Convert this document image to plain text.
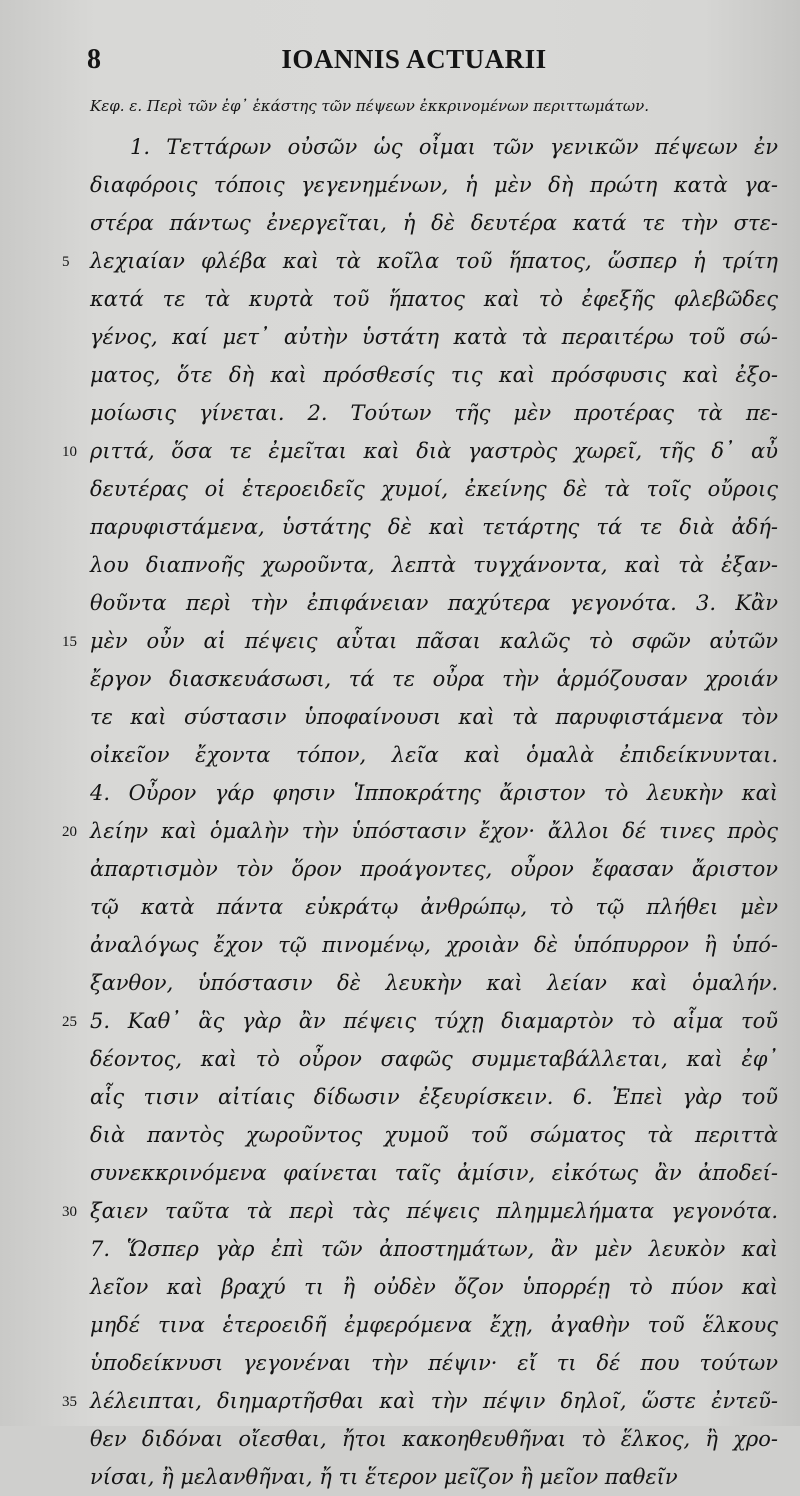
8	IOANNIS ACTUARII
Κεφ. ε. Περὶ τῶν ἐφ᾽ ἑκάστης τῶν πέψεων ἐκκρινομένων περιττωμάτων.
1. Τεττάρων οὐσῶν ὡς οἶμαι τῶν γενικῶν πέψεων ἐν
διαφόροις τόποις γεγενημένων, ἡ μὲν δὴ πρώτη κατὰ γα-
στέρα πάντως ἐνεργεῖται, ἡ δὲ δευτέρα κατά τε τὴν στε-
5 λεχιαίαν φλέβα καὶ τὰ κοῖλα τοῦ ἥπατος, ὥσπερ ἡ τρίτη
κατά τε τὰ κυρτὰ τοῦ ἥπατος καὶ τὸ ἐφεξῆς φλεβῶδες
γένος, καί μετ᾽ αὐτὴν ὑστάτη κατὰ τὰ περαιτέρω τοῦ σώ-
ματος, ὅτε δὴ καὶ πρόσθεσίς τις καὶ πρόσφυσις καὶ ἐξο-
μοίωσις γίνεται. 2. Τούτων τῆς μὲν προτέρας τὰ πε-
10 ριττά, ὅσα τε ἐμεῖται καὶ διὰ γαστρὸς χωρεῖ, τῆς δ᾽ αὖ
δευτέρας οἱ ἑτεροειδεῖς χυμοί, ἐκείνης δὲ τὰ τοῖς οὔροις
παρυφιστάμενα, ὑστάτης δὲ καὶ τετάρτης τά τε διὰ ἀδή-
λου διαπνοῆς χωροῦντα, λεπτὰ τυγχάνοντα, καὶ τὰ ἐξαν-
θοῦντα περὶ τὴν ἐπιφάνειαν παχύτερα γεγονότα. 3. Κἂν
15 μὲν οὖν αἱ πέψεις αὗται πᾶσαι καλῶς τὸ σφῶν αὐτῶν
ἔργον διασκευάσωσι, τά τε οὖρα τὴν ἁρμόζουσαν χροιάν
τε καὶ σύστασιν ὑποφαίνουσι καὶ τὰ παρυφιστάμενα τὸν
οἰκεῖον ἔχοντα τόπον, λεῖα καὶ ὁμαλὰ ἐπιδείκνυνται.
4. Οὖρον γάρ φησιν Ἱπποκράτης ἄριστον τὸ λευκὴν καὶ
20 λείην καὶ ὁμαλὴν τὴν ὑπόστασιν ἔχον· ἄλλοι δέ τινες πρὸς
ἀπαρτισμὸν τὸν ὅρον προάγοντες, οὖρον ἔφασαν ἄριστον
τῷ κατὰ πάντα εὐκράτῳ ἀνθρώπῳ, τὸ τῷ πλήθει μὲν
ἀναλόγως ἔχον τῷ πινομένῳ, χροιὰν δὲ ὑπόπυρρον ἢ ὑπό-
ξανθον, ὑπόστασιν δὲ λευκὴν καὶ λείαν καὶ ὁμαλήν.
25 5. Καθ᾽ ἃς γὰρ ἂν πέψεις τύχῃ διαμαρτὸν τὸ αἷμα τοῦ
δέοντος, καὶ τὸ οὖρον σαφῶς συμμεταβάλλεται, καὶ ἐφ᾽
αἷς τισιν αἰτίαις δίδωσιν ἐξευρίσκειν. 6. Ἐπεὶ γὰρ τοῦ
διὰ παντὸς χωροῦντος χυμοῦ τοῦ σώματος τὰ περιττὰ
συνεκκρινόμενα φαίνεται ταῖς ἀμίσιν, εἰκότως ἂν ἀποδεί-
30 ξαιεν ταῦτα τὰ περὶ τὰς πέψεις πλημμελήματα γεγονότα.
7. Ὥσπερ γὰρ ἐπὶ τῶν ἀποστημάτων, ἂν μὲν λευκὸν καὶ
λεῖον καὶ βραχύ τι ἢ οὐδὲν ὄζον ὑπορρέῃ τὸ πύον καὶ
μηδέ τινα ἑτεροειδῆ ἐμφερόμενα ἔχῃ, ἀγαθὴν τοῦ ἕλκους
ὑποδείκνυσι γεγονέναι τὴν πέψιν· εἴ τι δέ που τούτων
35 λέλειπται, διημαρτῆσθαι καὶ τὴν πέψιν δηλοῖ, ὥστε ἐντεῦ-
θεν διδόναι οἴεσθαι, ἤτοι κακοηθευθῆναι τὸ ἕλκος, ἢ χρο-
νίσαι, ἢ μελανθῆναι, ἤ τι ἕτερον μεῖζον ἢ μεῖον παθεῖν
